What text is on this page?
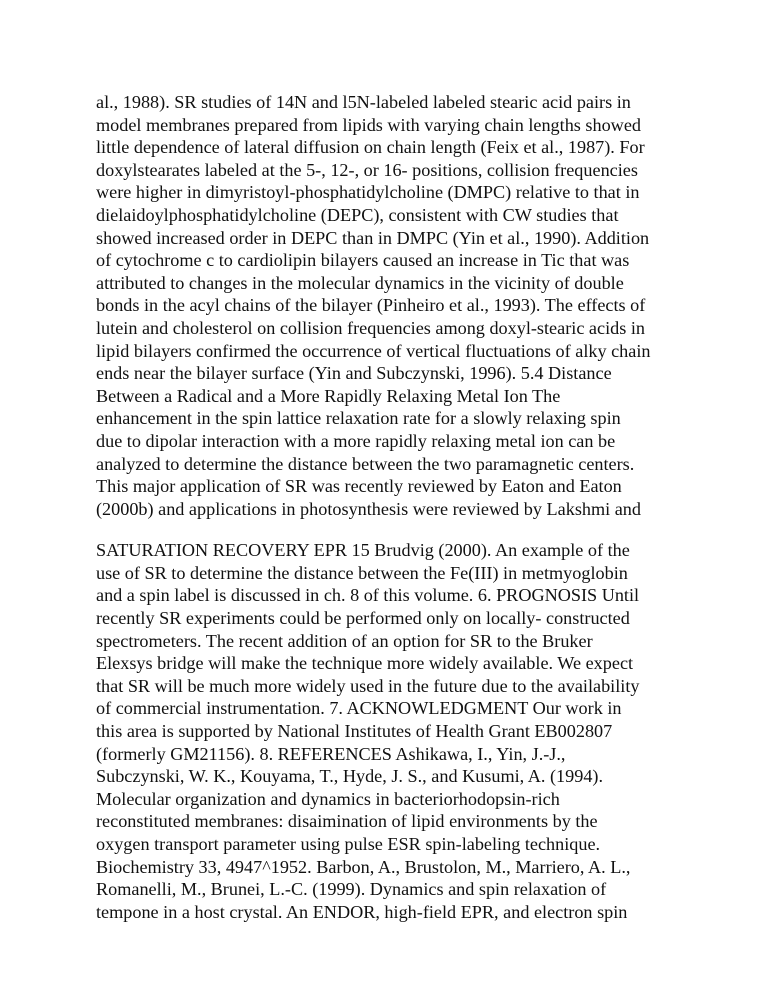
al., 1988). SR studies of 14N and l5N-labeled labeled stearic acid pairs in
model membranes prepared from lipids with varying chain lengths showed
little dependence of lateral diffusion on chain length (Feix et al., 1987). For
doxylstearates labeled at the 5-, 12-, or 16- positions, collision frequencies
were higher in dimyristoyl-phosphatidylcholine (DMPC) relative to that in
dielaidoylphosphatidylcholine (DEPC), consistent with CW studies that
showed increased order in DEPC than in DMPC (Yin et al., 1990). Addition
of cytochrome c to cardiolipin bilayers caused an increase in Tic that was
attributed to changes in the molecular dynamics in the vicinity of double
bonds in the acyl chains of the bilayer (Pinheiro et al., 1993). The effects of
lutein and cholesterol on collision frequencies among doxyl-stearic acids in
lipid bilayers confirmed the occurrence of vertical fluctuations of alky chain
ends near the bilayer surface (Yin and Subczynski, 1996). 5.4 Distance
Between a Radical and a More Rapidly Relaxing Metal Ion The
enhancement in the spin lattice relaxation rate for a slowly relaxing spin
due to dipolar interaction with a more rapidly relaxing metal ion can be
analyzed to determine the distance between the two paramagnetic centers.
This major application of SR was recently reviewed by Eaton and Eaton
(2000b) and applications in photosynthesis were reviewed by Lakshmi and
SATURATION RECOVERY EPR 15 Brudvig (2000). An example of the
use of SR to determine the distance between the Fe(III) in metmyoglobin
and a spin label is discussed in ch. 8 of this volume. 6. PROGNOSIS Until
recently SR experiments could be performed only on locally- constructed
spectrometers. The recent addition of an option for SR to the Bruker
Elexsys bridge will make the technique more widely available. We expect
that SR will be much more widely used in the future due to the availability
of commercial instrumentation. 7. ACKNOWLEDGMENT Our work in
this area is supported by National Institutes of Health Grant EB002807
(formerly GM21156). 8. REFERENCES Ashikawa, I., Yin, J.-J.,
Subczynski, W. K., Kouyama, T., Hyde, J. S., and Kusumi, A. (1994).
Molecular organization and dynamics in bacteriorhodopsin-rich
reconstituted membranes: disaimination of lipid environments by the
oxygen transport parameter using pulse ESR spin-labeling technique.
Biochemistry 33, 4947^1952. Barbon, A., Brustolon, M., Marriero, A. L.,
Romanelli, M., Brunei, L.-C. (1999). Dynamics and spin relaxation of
tempone in a host crystal. An ENDOR, high-field EPR, and electron spin
